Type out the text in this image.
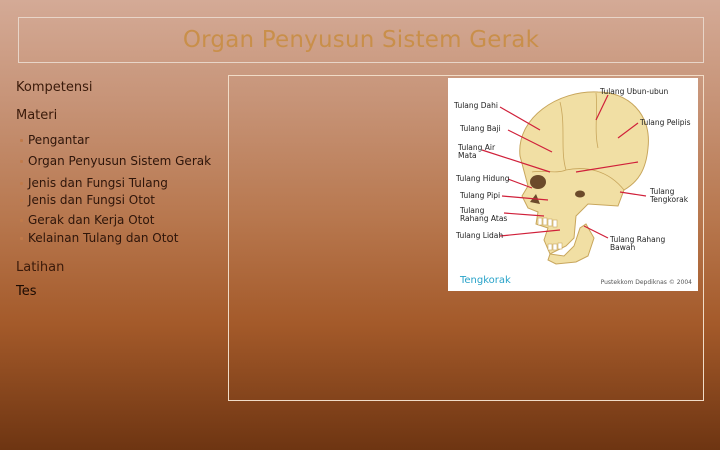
Organ Penyusun Sistem Gerak
Kompetensi
Materi
Pengantar
Organ Penyusun Sistem Gerak
Jenis dan Fungsi Tulang
Jenis dan Fungsi Otot
Gerak dan Kerja Otot
Kelainan Tulang dan Otot
Latihan
Tes
Tulang Ubun-ubun
Tulang Dahi
Tulang Pelipis
Tulang Baji
Tulang Air
Mata
Tulang Hidung
Tulang Pipi	Tulang
Tengkorak
Tulang
Rahang Atas
Tulang Lidah	Tulang Rahang
Bawah
Tengkorak	Pustekkom Depdiknas © 2004
